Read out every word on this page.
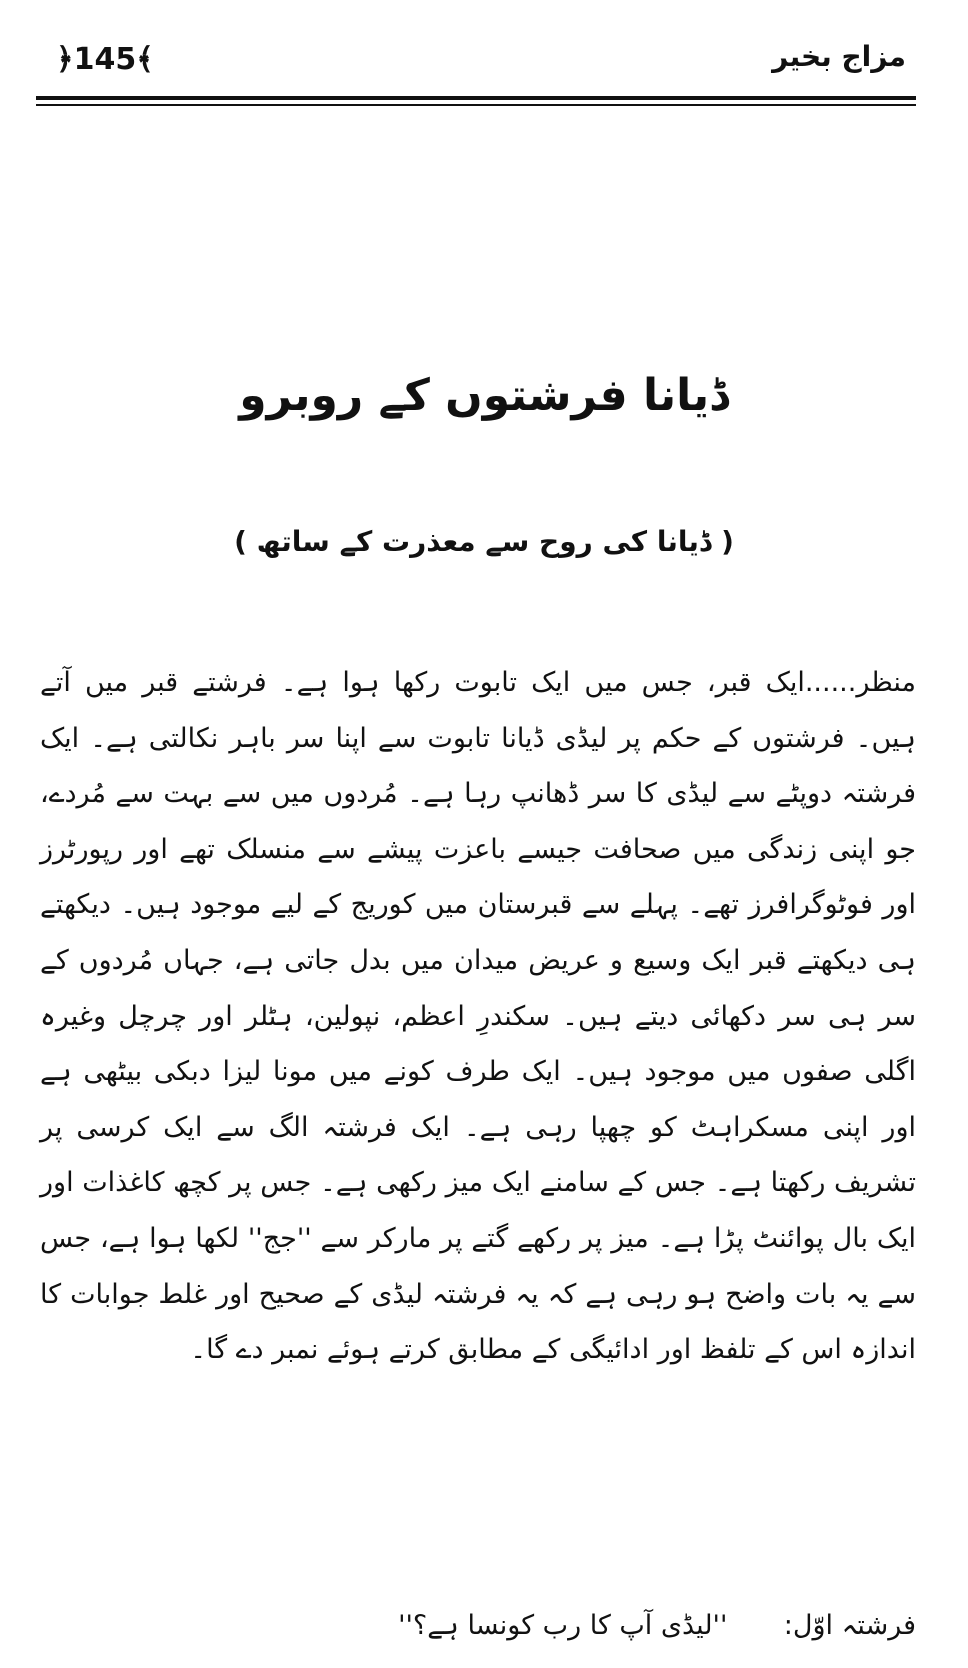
﴿145﴾	مزاج بخیر
ڈیانا فرشتوں کے روبرو
( ڈیانا کی روح سے معذرت کے ساتھ )
منظر......ایک قبر، جس میں ایک تابوت رکھا ہوا ہے۔ فرشتے قبر میں آتے ہیں۔ فرشتوں کے حکم پر لیڈی ڈیانا تابوت سے اپنا سر باہر نکالتی ہے۔ ایک فرشتہ دوپٹے سے لیڈی کا سر ڈھانپ رہا ہے۔ مُردوں میں سے بہت سے مُردے، جو اپنی زندگی میں صحافت جیسے باعزت پیشے سے منسلک تھے اور رپورٹرز اور فوٹوگرافرز تھے۔ پہلے سے قبرستان میں کوریج کے لیے موجود ہیں۔ دیکھتے ہی دیکھتے قبر ایک وسیع و عریض میدان میں بدل جاتی ہے، جہاں مُردوں کے سر ہی سر دکھائی دیتے ہیں۔ سکندرِ اعظم، نپولین، ہٹلر اور چرچل وغیرہ اگلی صفوں میں موجود ہیں۔ ایک طرف کونے میں مونا لیزا دبکی بیٹھی ہے اور اپنی مسکراہٹ کو چھپا رہی ہے۔ ایک فرشتہ الگ سے ایک کرسی پر تشریف رکھتا ہے۔ جس کے سامنے ایک میز رکھی ہے۔ جس پر کچھ کاغذات اور ایک بال پوائنٹ پڑا ہے۔ میز پر رکھے گتے پر مارکر سے ''جج'' لکھا ہوا ہے، جس سے یہ بات واضح ہو رہی ہے کہ یہ فرشتہ لیڈی کے صحیح اور غلط جوابات کا اندازہ اس کے تلفظ اور ادائیگی کے مطابق کرتے ہوئے نمبر دے گا۔
فرشتہ اوّل: ''لیڈی آپ کا رب کونسا ہے؟''
